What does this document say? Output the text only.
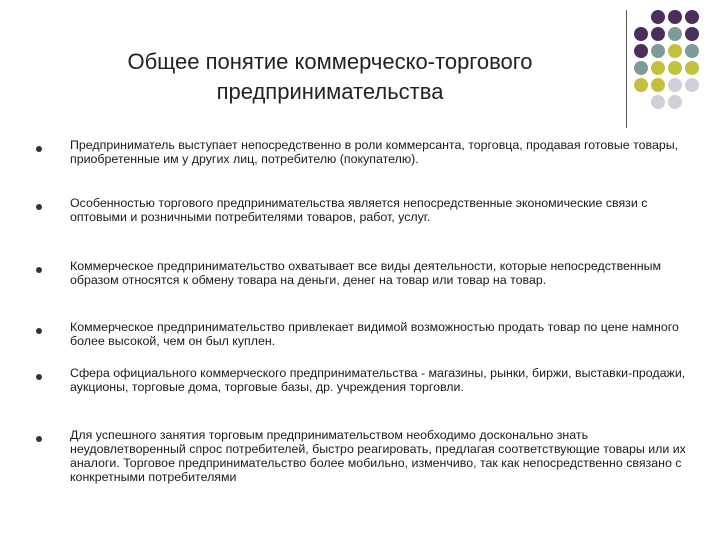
Общее понятие коммерческо-торгового
предпринимательства
Предприниматель выступает непосредственно в роли коммерсанта, торговца, продавая готовые товары, приобретенные им у других лиц, потребителю (покупателю).
Особенностью торгового предпринимательства является непосредственные экономические связи с оптовыми и розничными потребителями товаров, работ, услуг.
Коммерческое предпринимательство охватывает все виды деятельности, которые непосредственным образом относятся к обмену товара на деньги, денег на товар или товар на товар.
Коммерческое предпринимательство привлекает видимой возможностью продать товар по цене намного более высокой, чем он был куплен.
Сфера официального коммерческого предпринимательства - магазины, рынки, биржи, выставки-продажи, аукционы, торговые дома, торговые базы, др. учреждения торговли.
Для успешного занятия торговым предпринимательством необходимо досконально знать неудовлетворенный спрос потребителей, быстро реагировать, предлагая соответствующие товары или их аналоги. Торговое предпринимательство более мобильно, изменчиво, так как непосредственно связано с конкретными потребителями
